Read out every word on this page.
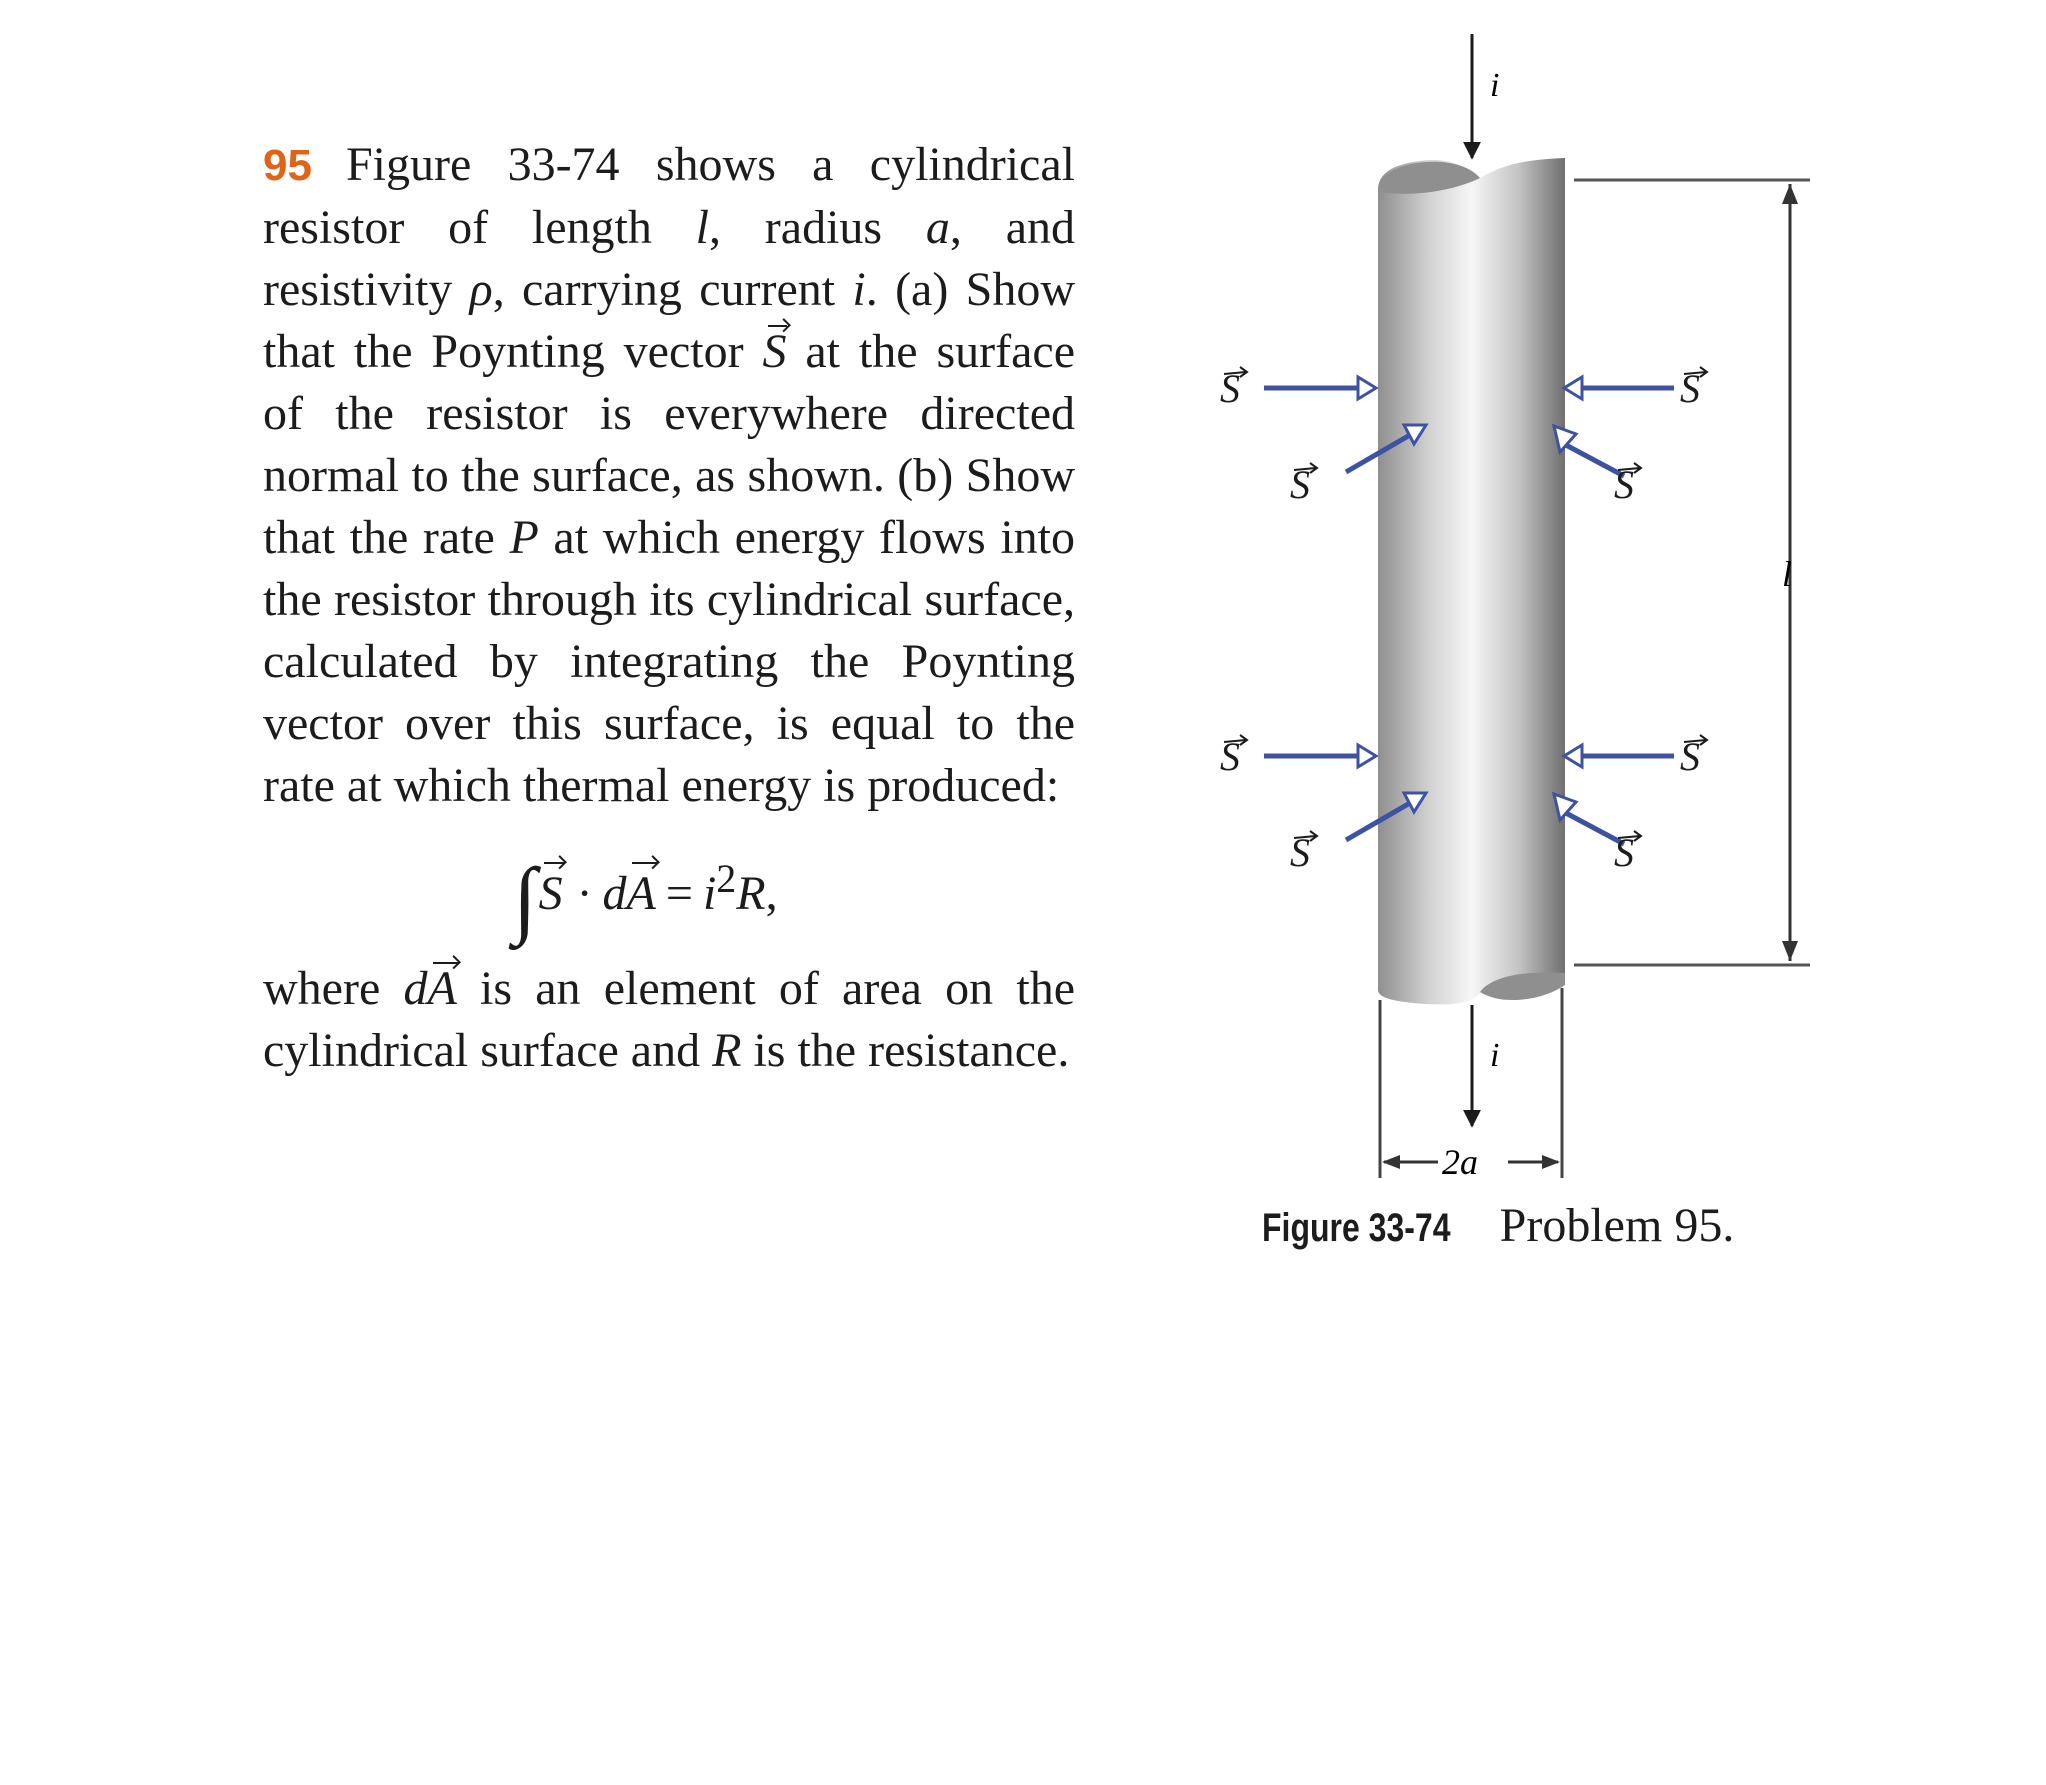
95 Figure 33-74 shows a cylindrical resistor of length l, radius a, and resistivity ρ, carrying current i. (a) Show that the Poynting vector S at the surface of the resistor is everywhere directed normal to the surface, as shown. (b) Show that the rate P at which energy flows into the resistor through its cylindrical surface, calculated by integrating the Poynting vector over this surface, is equal to the rate at which thermal energy is produced:

∫S · dA = $i^2R$,

where dA is an element of area on the cylindrical surface and R is the resistance.

i
i
l
2a
S	S
S	S
S	S
S	S
Figure 33-74 Problem 95.
